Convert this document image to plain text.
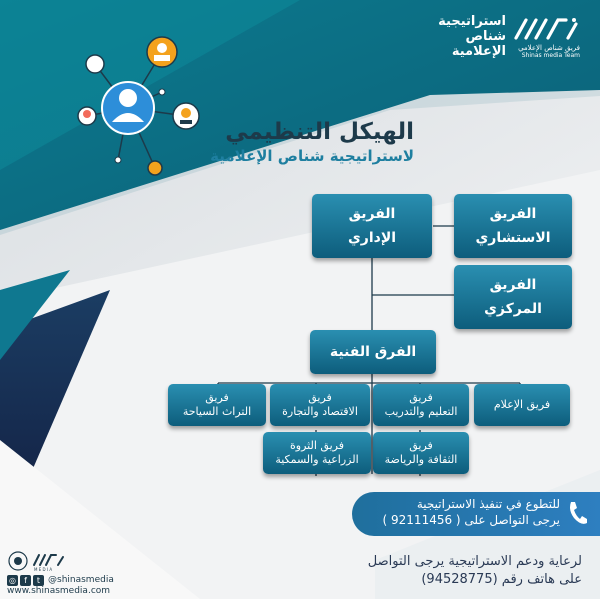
استراتيجية
شناص
الإعلامية	فريق شناص الإعلامي
Shinas media Team
الهيكل التنظيمي
لاستراتيجية شناص الإعلامية
الفريق
الاستشاري
الفريق
الإداري
الفريق
المركزي
الفرق الفنية
فريق الإعلام
فريق
التعليم والتدريب
فريق
الاقتصاد والتجارة
فريق
التراث السياحة
فريق
الثقافة والرياضة
فريق الثروة
الزراعية والسمكية
للتطوع في تنفيذ الاستراتيجية
يرجى التواصل على ( 92111456 )
لرعاية ودعم الاستراتيجية يرجى التواصل
على هاتف رقم (94528775)
M E D I A
◎	f	t @shinasmedia
www.shinasmedia.com
